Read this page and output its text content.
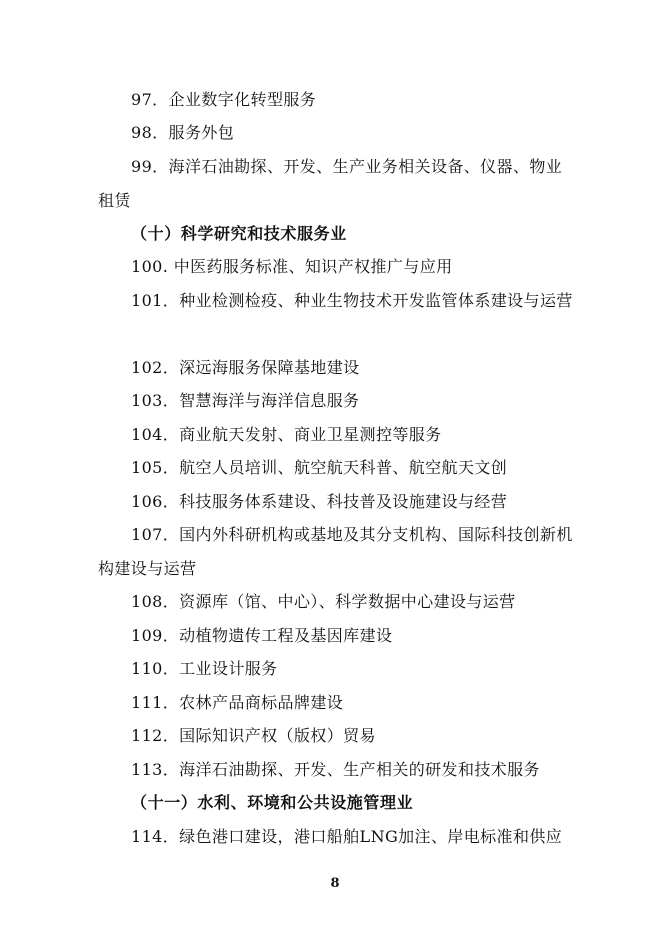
97．企业数字化转型服务

98．服务外包

99．海洋石油勘探、开发、生产业务相关设备、仪器、物业租赁

（十）科学研究和技术服务业

100. 中医药服务标准、知识产权推广与应用

101．种业检测检疫、种业生物技术开发监管体系建设与运营

102．深远海服务保障基地建设

103．智慧海洋与海洋信息服务

104．商业航天发射、商业卫星测控等服务

105．航空人员培训、航空航天科普、航空航天文创

106．科技服务体系建设、科技普及设施建设与经营

107．国内外科研机构或基地及其分支机构、国际科技创新机构建设与运营

108．资源库（馆、中心）、科学数据中心建设与运营

109．动植物遗传工程及基因库建设

110．工业设计服务

111．农林产品商标品牌建设

112．国际知识产权（版权）贸易

113．海洋石油勘探、开发、生产相关的研发和技术服务

（十一）水利、环境和公共设施管理业

114．绿色港口建设，港口船舶LNG加注、岸电标准和供应

8
